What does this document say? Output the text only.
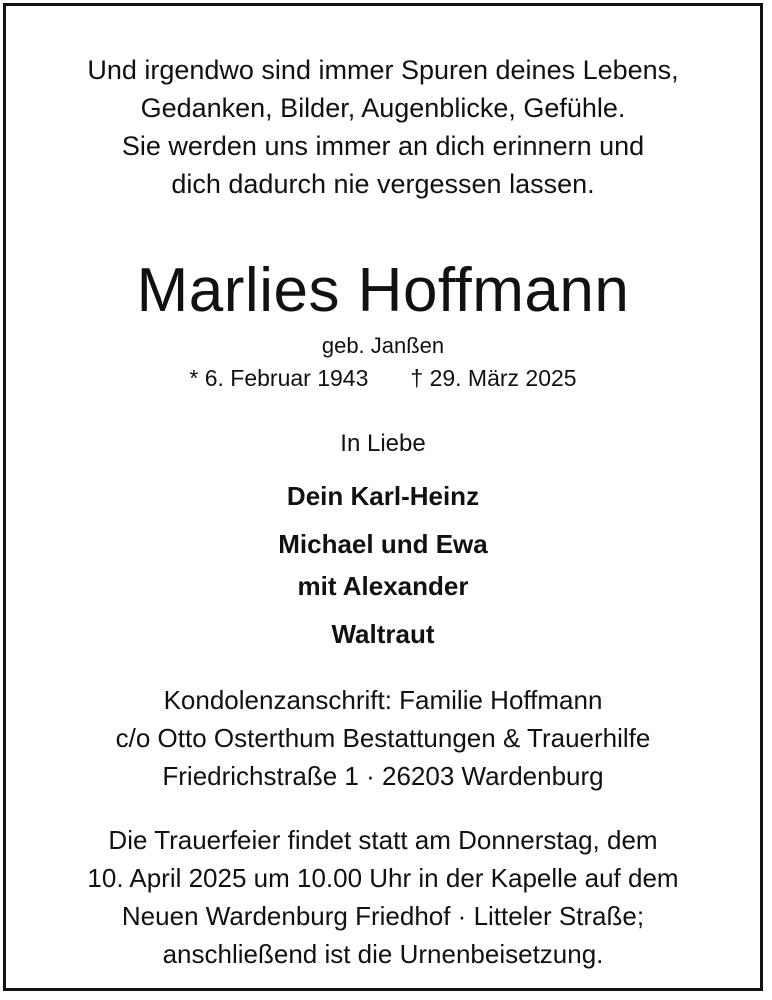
Und irgendwo sind immer Spuren deines Lebens,
Gedanken, Bilder, Augenblicke, Gefühle.
Sie werden uns immer an dich erinnern und
dich dadurch nie vergessen lassen.
Marlies Hoffmann
geb. Janßen
* 6. Februar 1943 † 29. März 2025
In Liebe
Dein Karl-Heinz
Michael und Ewa
mit Alexander
Waltraut
Kondolenzanschrift: Familie Hoffmann
c/o Otto Osterthum Bestattungen & Trauerhilfe
Friedrichstraße 1 · 26203 Wardenburg
Die Trauerfeier findet statt am Donnerstag, dem
10. April 2025 um 10.00 Uhr in der Kapelle auf dem
Neuen Wardenburg Friedhof · Litteler Straße;
anschließend ist die Urnenbeisetzung.
